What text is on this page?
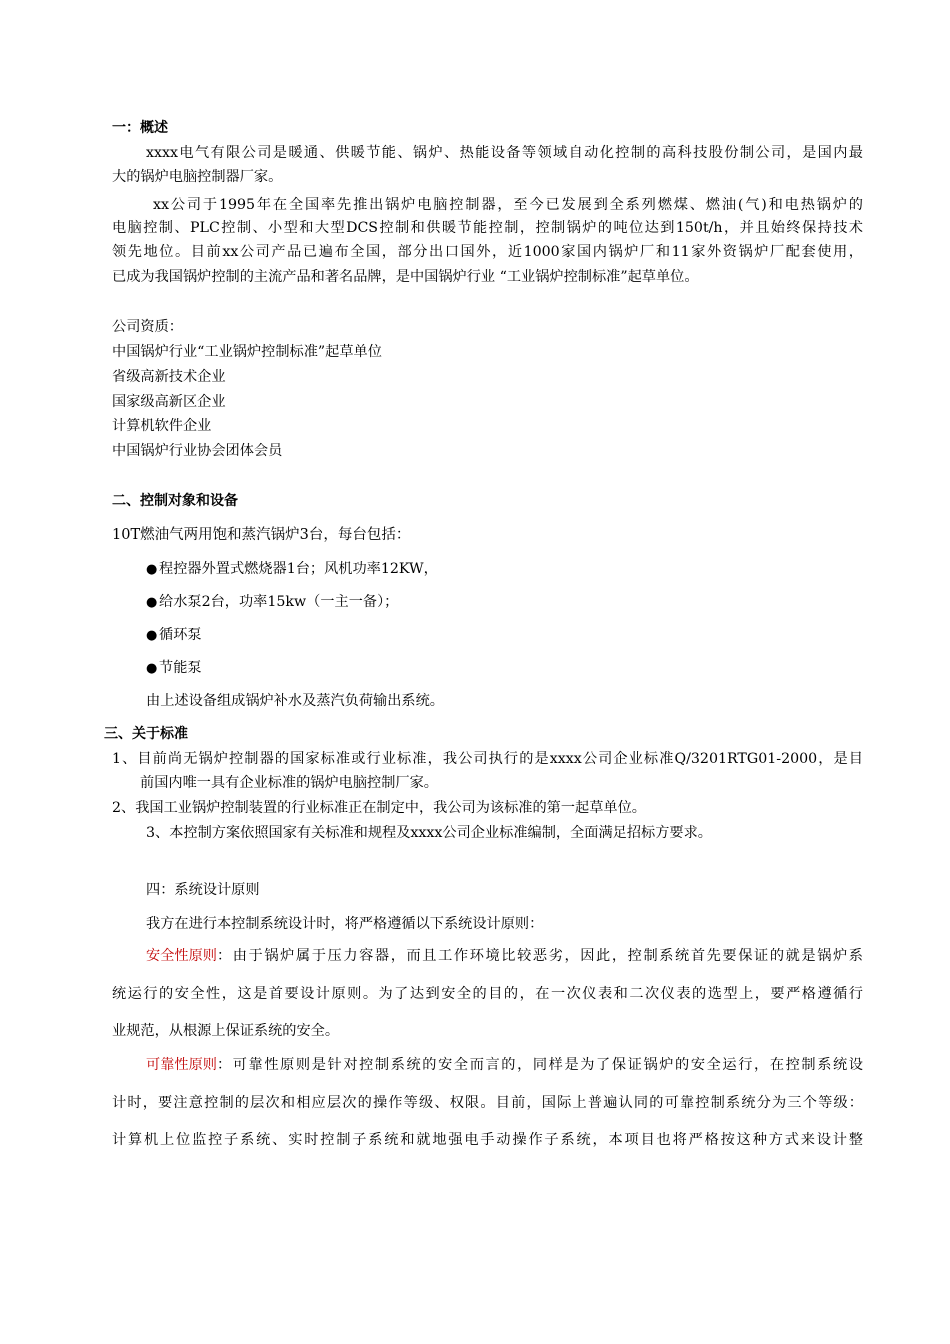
一：概述
xxxx电气有限公司是暖通、供暖节能、锅炉、热能设备等领域自动化控制的高科技股份制公司，是国内最
大的锅炉电脑控制器厂家。
xx公司于1995年在全国率先推出锅炉电脑控制器，至今已发展到全系列燃煤、燃油(气)和电热锅炉的
电脑控制、PLC控制、小型和大型DCS控制和供暖节能控制，控制锅炉的吨位达到150t/h，并且始终保持技术
领先地位。目前xx公司产品已遍布全国，部分出口国外，近1000家国内锅炉厂和11家外资锅炉厂配套使用，
已成为我国锅炉控制的主流产品和著名品牌，是中国锅炉行业 “工业锅炉控制标准”起草单位。
公司资质：
中国锅炉行业“工业锅炉控制标准”起草单位
省级高新技术企业
国家级高新区企业
计算机软件企业
中国锅炉行业协会团体会员
二、控制对象和设备
10T燃油气两用饱和蒸汽锅炉3台，每台包括：
● 程控器外置式燃烧器1台；风机功率12KW，
● 给水泵2台，功率15kw（一主一备）；
● 循环泵
● 节能泵
由上述设备组成锅炉补水及蒸汽负荷输出系统。
三、关于标准
1、目前尚无锅炉控制器的国家标准或行业标准，我公司执行的是xxxx公司企业标准Q/3201RTG01-2000，是目
前国内唯一具有企业标准的锅炉电脑控制厂家。
2、我国工业锅炉控制装置的行业标准正在制定中，我公司为该标准的第一起草单位。
3、本控制方案依照国家有关标准和规程及xxxx公司企业标准编制，全面满足招标方要求。
四：系统设计原则
我方在进行本控制系统设计时，将严格遵循以下系统设计原则：
安全性原则 ：由于锅炉属于压力容器，而且工作环境比较恶劣，因此，控制系统首先要保证的就是锅炉系
统运行的安全性，这是首要设计原则。为了达到安全的目的，在一次仪表和二次仪表的选型上，要严格遵循行
业规范，从根源上保证系统的安全。
可靠性原则 ：可靠性原则是针对控制系统的安全而言的，同样是为了保证锅炉的安全运行，在控制系统设
计时，要注意控制的层次和相应层次的操作等级、权限。目前，国际上普遍认同的可靠控制系统分为三个等级：
计算机上位监控子系统、实时控制子系统和就地强电手动操作子系统，本项目也将严格按这种方式来设计整
